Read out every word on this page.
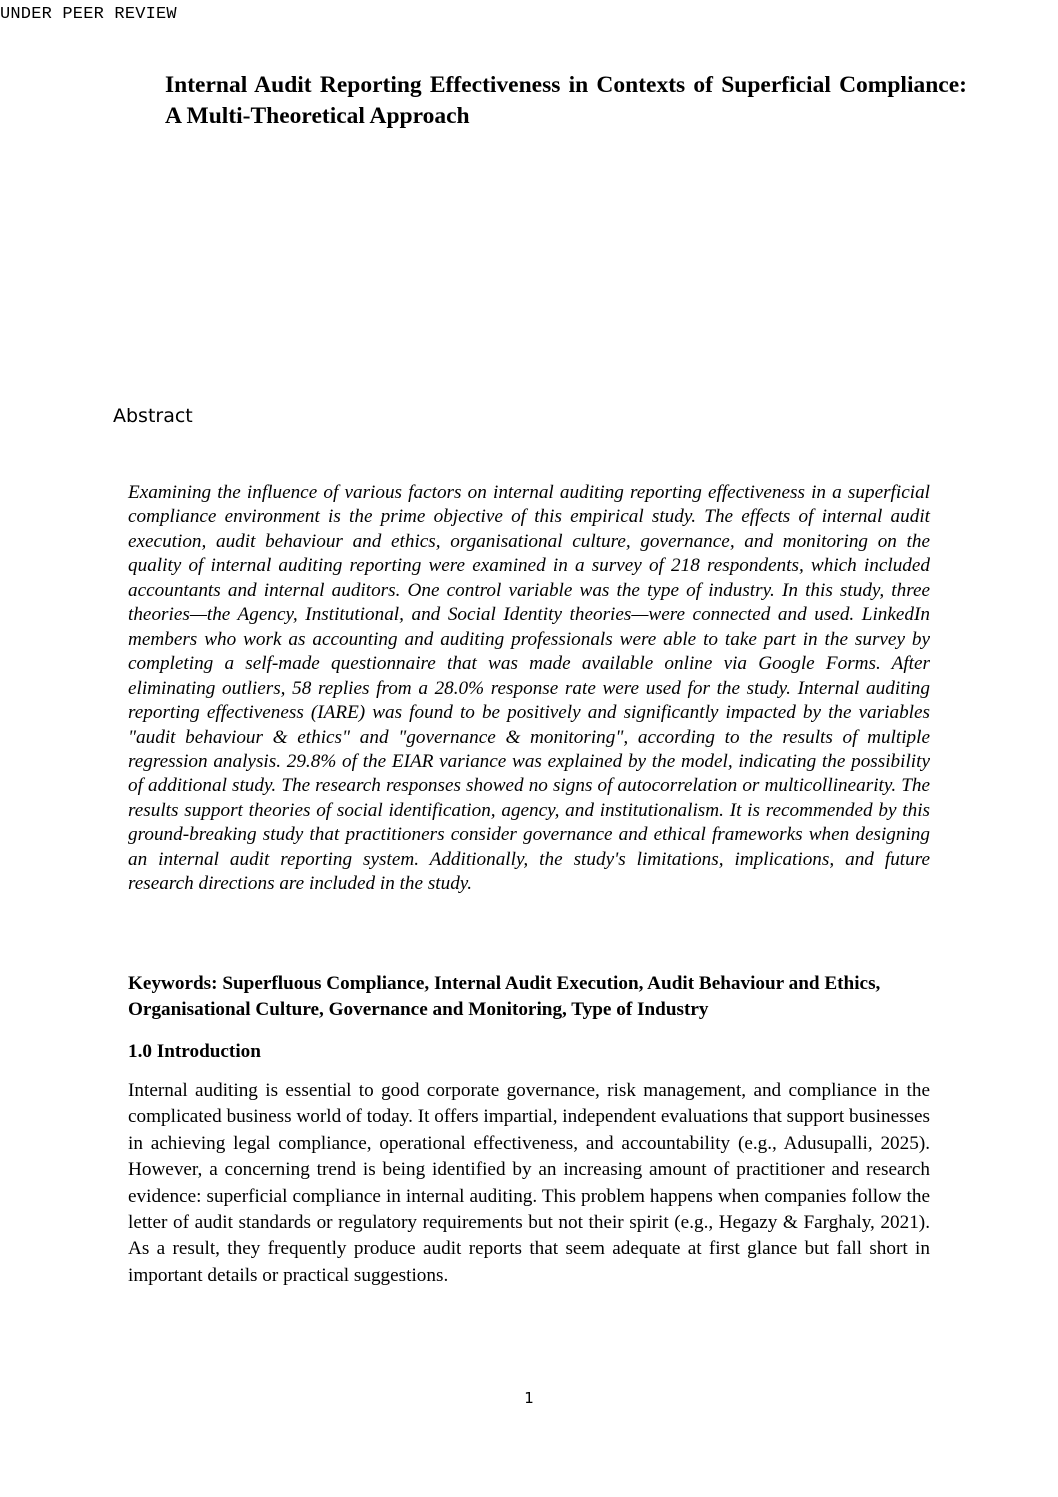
UNDER PEER REVIEW
Internal Audit Reporting Effectiveness in Contexts of Superficial Compliance: A Multi-Theoretical Approach
Abstract

Examining the influence of various factors on internal auditing reporting effectiveness in a superficial compliance environment is the prime objective of this empirical study. The effects of internal audit execution, audit behaviour and ethics, organisational culture, governance, and monitoring on the quality of internal auditing reporting were examined in a survey of 218 respondents, which included accountants and internal auditors. One control variable was the type of industry. In this study, three theories—the Agency, Institutional, and Social Identity theories—were connected and used. LinkedIn members who work as accounting and auditing professionals were able to take part in the survey by completing a self-made questionnaire that was made available online via Google Forms. After eliminating outliers, 58 replies from a 28.0% response rate were used for the study. Internal auditing reporting effectiveness (IARE) was found to be positively and significantly impacted by the variables "audit behaviour & ethics" and "governance & monitoring", according to the results of multiple regression analysis. 29.8% of the EIAR variance was explained by the model, indicating the possibility of additional study. The research responses showed no signs of autocorrelation or multicollinearity. The results support theories of social identification, agency, and institutionalism. It is recommended by this ground-breaking study that practitioners consider governance and ethical frameworks when designing an internal audit reporting system. Additionally, the study's limitations, implications, and future research directions are included in the study.

Keywords: Superfluous Compliance, Internal Audit Execution, Audit Behaviour and Ethics, Organisational Culture, Governance and Monitoring, Type of Industry

1.0 Introduction

Internal auditing is essential to good corporate governance, risk management, and compliance in the complicated business world of today. It offers impartial, independent evaluations that support businesses in achieving legal compliance, operational effectiveness, and accountability (e.g., Adusupalli, 2025). However, a concerning trend is being identified by an increasing amount of practitioner and research evidence: superficial compliance in internal auditing. This problem happens when companies follow the letter of audit standards or regulatory requirements but not their spirit (e.g., Hegazy & Farghaly, 2021). As a result, they frequently produce audit reports that seem adequate at first glance but fall short in important details or practical suggestions.

1
